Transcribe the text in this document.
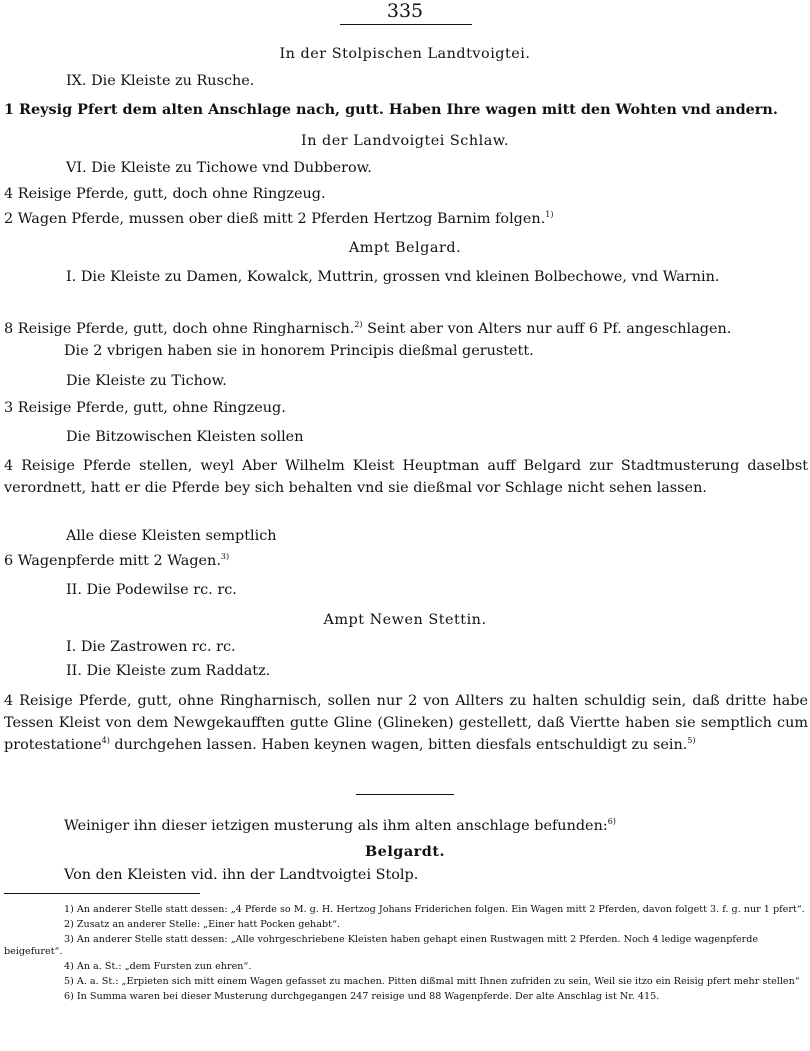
335
In der Stolpischen Landtvoigtei.
IX. Die Kleiste zu Rusche.
1 Reysig Pfert dem alten Anschlage nach, gutt. Haben Ihre wagen mitt den Wohten vnd andern.
In der Landvoigtei Schlaw.
VI. Die Kleiste zu Tichowe vnd Dubberow.
4 Reisige Pferde, gutt, doch ohne Ringzeug.
2 Wagen Pferde, mussen ober dieß mitt 2 Pferden Hertzog Barnim folgen.$^{1)}$
Ampt Belgard.
I. Die Kleiste zu Damen, Kowalck, Muttrin, grossen vnd kleinen Bolbechowe, vnd Warnin.
8 Reisige Pferde, gutt, doch ohne Ringharnisch.$^{2)}$ Seint aber von Alters nur auff 6 Pf. angeschlagen.
Die 2 vbrigen haben sie in honorem Principis dießmal gerustett.
Die Kleiste zu Tichow.
3 Reisige Pferde, gutt, ohne Ringzeug.
Die Bitzowischen Kleisten sollen
4 Reisige Pferde stellen, weyl Aber Wilhelm Kleist Heuptman auff Belgard zur Stadtmusterung daselbst verordnett, hatt er die Pferde bey sich behalten vnd sie dießmal vor Schlage nicht sehen lassen.
Alle diese Kleisten semptlich
6 Wagenpferde mitt 2 Wagen.$^{3)}$
II. Die Podewilse rc. rc.
Ampt Newen Stettin.
I. Die Zastrowen rc. rc.
II. Die Kleiste zum Raddatz.
4 Reisige Pferde, gutt, ohne Ringharnisch, sollen nur 2 von Allters zu halten schuldig sein, daß dritte habe Tessen Kleist von dem Newgekaufften gutte Gline (Glineken) gestellett, daß Viertte haben sie semptlich cum protestatione$^{4)}$ durchgehen lassen. Haben keynen wagen, bitten diesfals entschuldigt zu sein.$^{5)}$
Weiniger ihn dieser ietzigen musterung als ihm alten anschlage befunden:$^{6)}$
Belgardt.
Von den Kleisten vid. ihn der Landtvoigtei Stolp.
1) An anderer Stelle statt dessen: „4 Pferde so M. g. H. Hertzog Johans Friderichen folgen. Ein Wagen mitt 2 Pferden, davon folgett 3. f. g. nur 1 pfert“.
2) Zusatz an anderer Stelle: „Einer hatt Pocken gehabt“.
3) An anderer Stelle statt dessen: „Alle vohrgeschriebene Kleisten haben gehapt einen Rustwagen mitt 2 Pferden. Noch 4 ledige wagenpferde beigefuret“.
4) An a. St.: „dem Fursten zun ehren“.
5) A. a. St.: „Erpieten sich mitt einem Wagen gefasset zu machen. Pitten dißmal mitt Ihnen zufriden zu sein, Weil sie itzo ein Reisig pfert mehr stellen“
6) In Summa waren bei dieser Musterung durchgegangen 247 reisige und 88 Wagenpferde. Der alte Anschlag ist Nr. 415.
